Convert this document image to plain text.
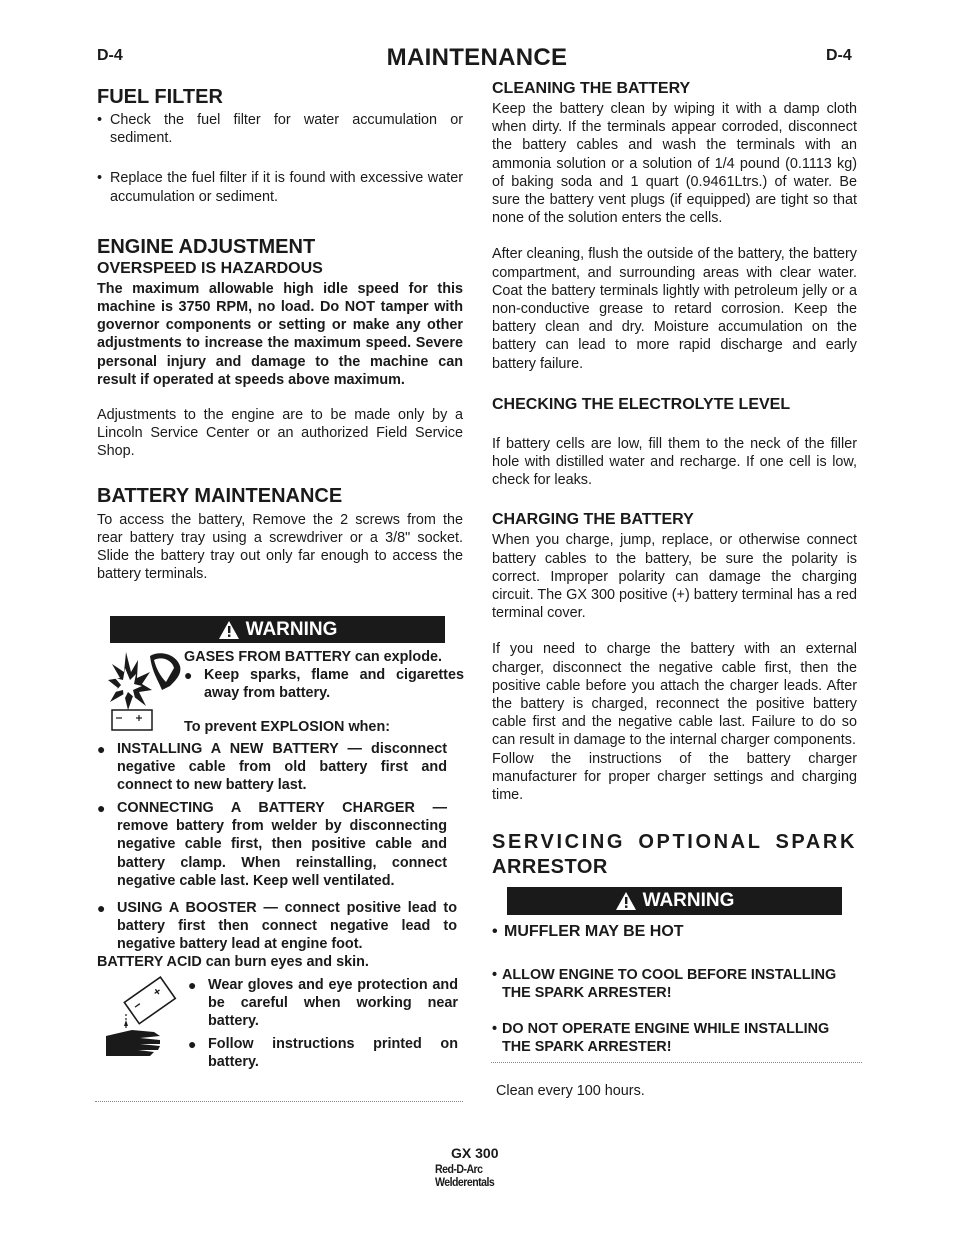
D-4	MAINTENANCE	D-4
FUEL FILTER
• Check the fuel filter for water accumulation or sediment.
• Replace the fuel filter if it is found with excessive water accumulation or sediment.
ENGINE ADJUSTMENT
OVERSPEED IS HAZARDOUS
The maximum allowable high idle speed for this machine is 3750 RPM, no load. Do NOT tamper with governor components or setting or make any other adjustments to increase the maximum speed. Severe personal injury and damage to the machine can result if operated at speeds above maximum.
Adjustments to the engine are to be made only by a Lincoln Service Center or an authorized Field Service Shop.
BATTERY MAINTENANCE
To access the battery, Remove the 2 screws from the rear battery tray using a screwdriver or a 3/8" socket. Slide the battery tray out only far enough to access the battery terminals.
WARNING
GASES FROM BATTERY can explode.
● Keep sparks, flame and cigarettes away from battery.
To prevent EXPLOSION when:
● INSTALLING A NEW BATTERY — disconnect negative cable from old battery first and connect to new battery last.
● CONNECTING A BATTERY CHARGER — remove battery from welder by disconnecting negative cable first, then positive cable and battery clamp. When reinstalling, connect negative cable last. Keep well ventilated.
● USING A BOOSTER — connect positive lead to battery first then connect negative lead to negative battery lead at engine foot.
BATTERY ACID can burn eyes and skin.
● Wear gloves and eye protection and be careful when working near battery.
● Follow instructions printed on battery.
CLEANING THE BATTERY
Keep the battery clean by wiping it with a damp cloth when dirty. If the terminals appear corroded, disconnect the battery cables and wash the terminals with an ammonia solution or a solution of 1/4 pound (0.1113 kg) of baking soda and 1 quart (0.9461Ltrs.) of water. Be sure the battery vent plugs (if equipped) are tight so that none of the solution enters the cells.
After cleaning, flush the outside of the battery, the battery compartment, and surrounding areas with clear water. Coat the battery terminals lightly with petroleum jelly or a non-conductive grease to retard corrosion. Keep the battery clean and dry. Moisture accumulation on the battery can lead to more rapid discharge and early battery failure.
CHECKING THE ELECTROLYTE LEVEL
If battery cells are low, fill them to the neck of the filler hole with distilled water and recharge. If one cell is low, check for leaks.
CHARGING THE BATTERY
When you charge, jump, replace, or otherwise connect battery cables to the battery, be sure the polarity is correct. Improper polarity can damage the charging circuit. The GX 300 positive (+) battery terminal has a red terminal cover.
If you need to charge the battery with an external charger, disconnect the negative cable first, then the positive cable before you attach the charger leads. After the battery is charged, reconnect the positive battery cable first and the negative cable last. Failure to do so can result in damage to the internal charger components.
Follow the instructions of the battery charger manufacturer for proper charger settings and charging time.
SERVICING OPTIONAL SPARK
ARRESTOR
WARNING
• MUFFLER MAY BE HOT
• ALLOW ENGINE TO COOL BEFORE INSTALLING THE SPARK ARRESTER!
• DO NOT OPERATE ENGINE WHILE INSTALLING THE SPARK ARRESTER!
Clean every 100 hours.
GX 300
Red-D-Arc
Welderentals
